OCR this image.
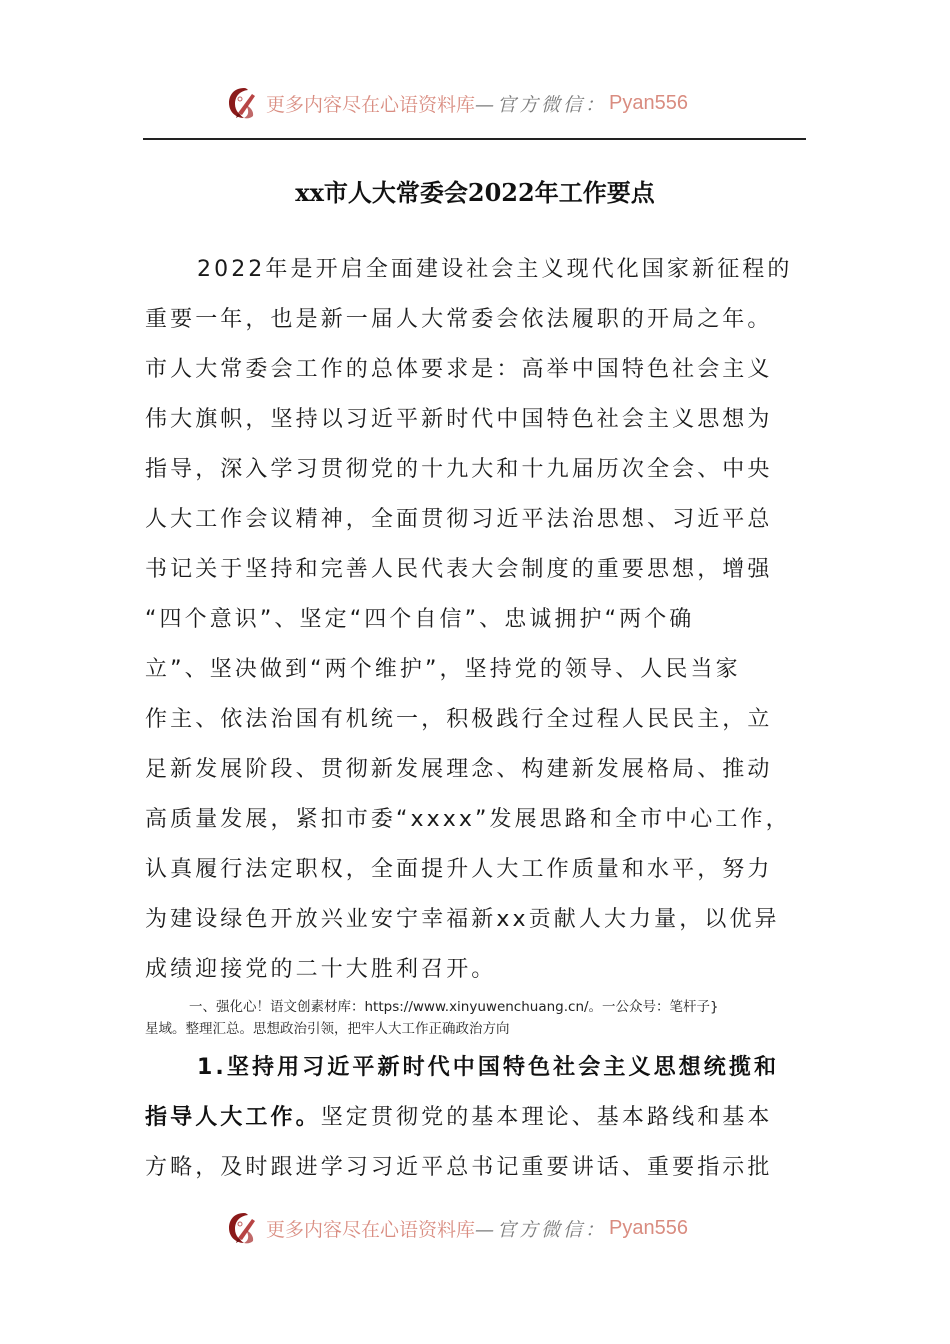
更多内容尽在心语资料库 —官方微信： Pyan556
xx市人大常委会2022年工作要点
2022年是开启全面建设社会主义现代化国家新征程的
重要一年，也是新一届人大常委会依法履职的开局之年。
市人大常委会工作的总体要求是：高举中国特色社会主义
伟大旗帜，坚持以习近平新时代中国特色社会主义思想为
指导，深入学习贯彻党的十九大和十九届历次全会、中央
人大工作会议精神，全面贯彻习近平法治思想、习近平总
书记关于坚持和完善人民代表大会制度的重要思想，增强
“四个意识”、坚定“四个自信”、忠诚拥护“两个确
立”、坚决做到“两个维护”，坚持党的领导、人民当家
作主、依法治国有机统一，积极践行全过程人民民主，立
足新发展阶段、贯彻新发展理念、构建新发展格局、推动
高质量发展，紧扣市委“xxxx”发展思路和全市中心工作，
认真履行法定职权，全面提升人大工作质量和水平，努力
为建设绿色开放兴业安宁幸福新xx贡献人大力量，以优异
成绩迎接党的二十大胜利召开。
一、强化心！语文创素材库：https://www.xinyuwenchuang.cn/。一公众号：笔杆子}
星域。整理汇总。思想政治引领，把牢人大工作正确政治方向
1.坚持用习近平新时代中国特色社会主义思想统揽和
指导人大工作。坚定贯彻党的基本理论、基本路线和基本
方略，及时跟进学习习近平总书记重要讲话、重要指示批
更多内容尽在心语资料库 —官方微信： Pyan556
